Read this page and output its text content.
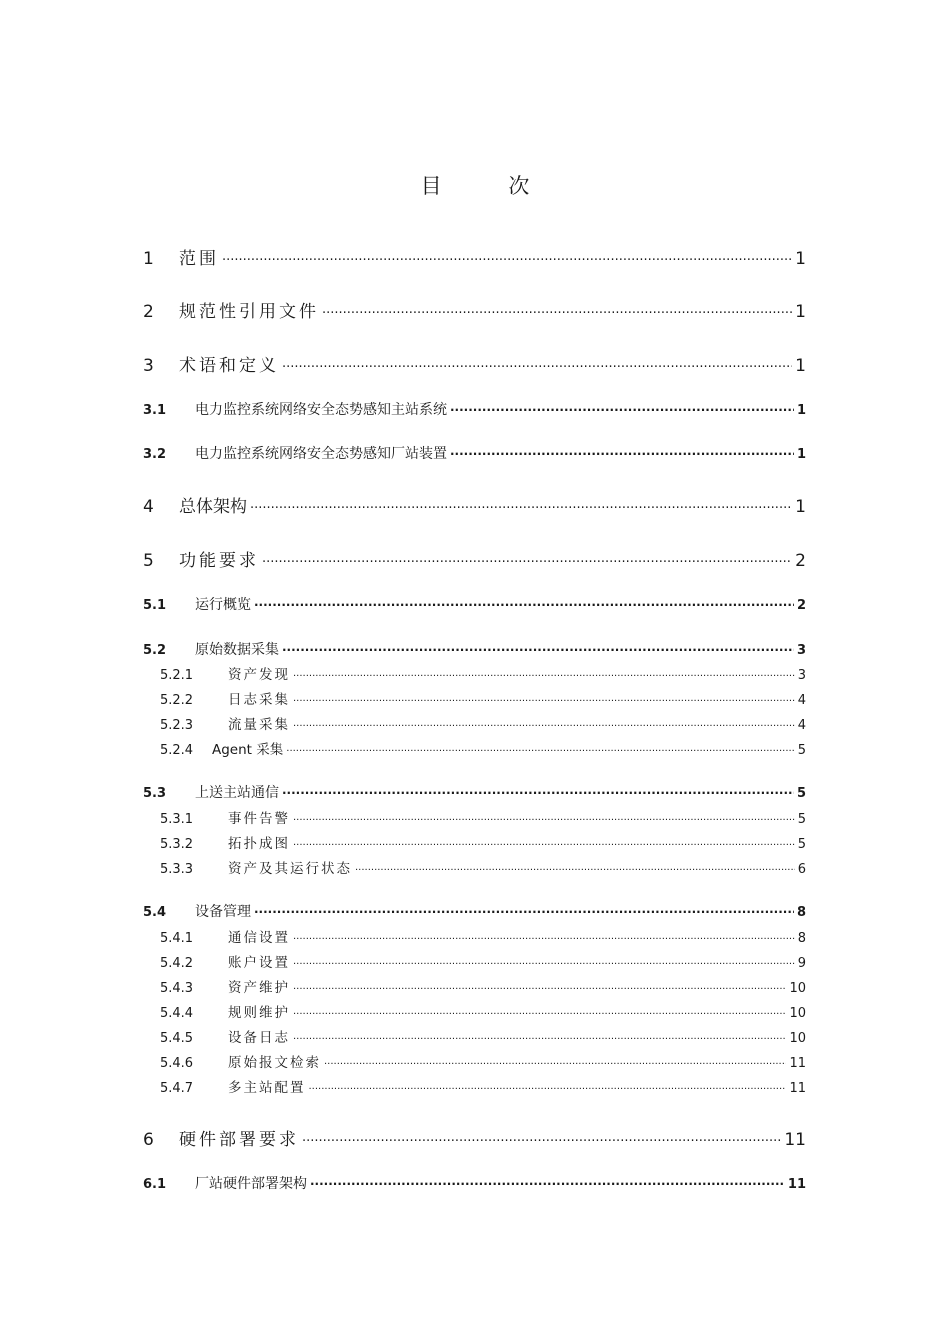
目 次
1	范围 .....	1
2	规范性引用文件 .....	1
3	术语和定义 .....	1
3.1	电力监控系统网络安全态势感知主站系统 .....	1
3.2	电力监控系统网络安全态势感知厂站装置 .....	1
4	总体架构 .....	1
5	功能要求 .....	2
5.1	运行概览 .....	2
5.2	原始数据采集 .....	3
5.2.1	资产发现 .....	3
5.2.2	日志采集 .....	4
5.2.3	流量采集 .....	4
5.2.4	Agent 采集 .....	5
5.3	上送主站通信 .....	5
5.3.1	事件告警 .....	5
5.3.2	拓扑成图 .....	5
5.3.3	资产及其运行状态 .....	6
5.4	设备管理 .....	8
5.4.1	通信设置 .....	8
5.4.2	账户设置 .....	9
5.4.3	资产维护 .....	10
5.4.4	规则维护 .....	10
5.4.5	设备日志 .....	10
5.4.6	原始报文检索 .....	11
5.4.7	多主站配置 .....	11
6	硬件部署要求 .....	11
6.1	厂站硬件部署架构 .....	11
